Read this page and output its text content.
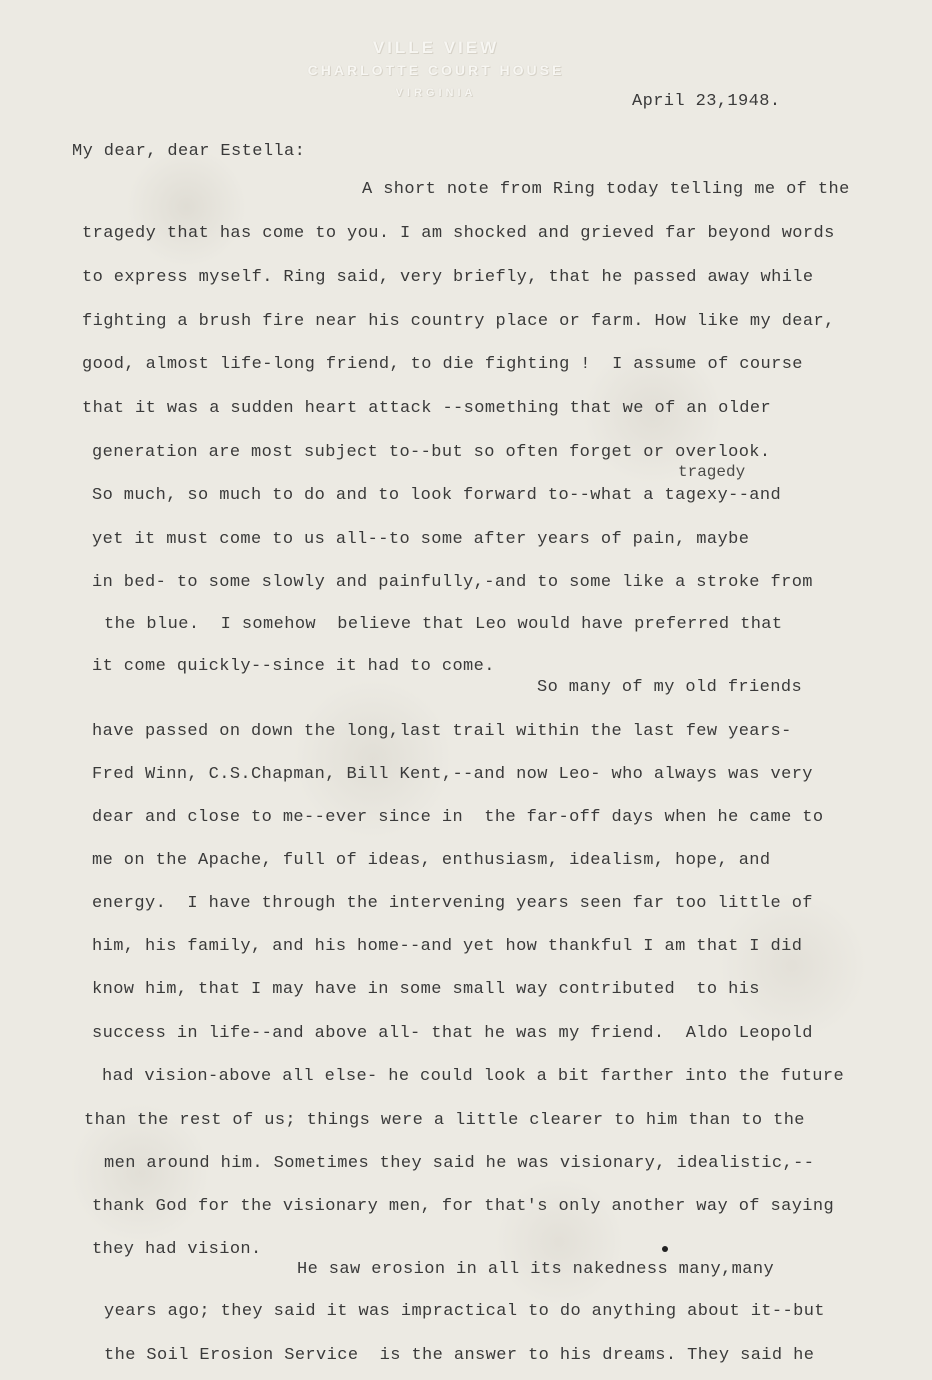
VILLE VIEW
CHARLOTTE COURT HOUSE
VIRGINIA	April 23,1948.
My dear, dear Estella:
tragedy
A short note from Ring today telling me of the
tragedy that has come to you. I am shocked and grieved far beyond words
to express myself. Ring said, very briefly, that he passed away while
fighting a brush fire near his country place or farm. How like my dear,
good, almost life-long friend, to die fighting !  I assume of course
that it was a sudden heart attack --something that we of an older
generation are most subject to--but so often forget or overlook.
So much, so much to do and to look forward to--what a tagexy--and
yet it must come to us all--to some after years of pain, maybe
in bed- to some slowly and painfully,-and to some like a stroke from
the blue.  I somehow  believe that Leo would have preferred that
it come quickly--since it had to come.
So many of my old friends
have passed on down the long,last trail within the last few years-
Fred Winn, C.S.Chapman, Bill Kent,--and now Leo- who always was very
dear and close to me--ever since in  the far-off days when he came to
me on the Apache, full of ideas, enthusiasm, idealism, hope, and
energy.  I have through the intervening years seen far too little of
him, his family, and his home--and yet how thankful I am that I did
know him, that I may have in some small way contributed  to his
success in life--and above all- that he was my friend.  Aldo Leopold
had vision-above all else- he could look a bit farther into the future
than the rest of us; things were a little clearer to him than to the
men around him. Sometimes they said he was visionary, idealistic,--
thank God for the visionary men, for that's only another way of saying
they had vision.
He saw erosion in all its nakedness many,many
years ago; they said it was impractical to do anything about it--but
the Soil Erosion Service  is the answer to his dreams. They said he
